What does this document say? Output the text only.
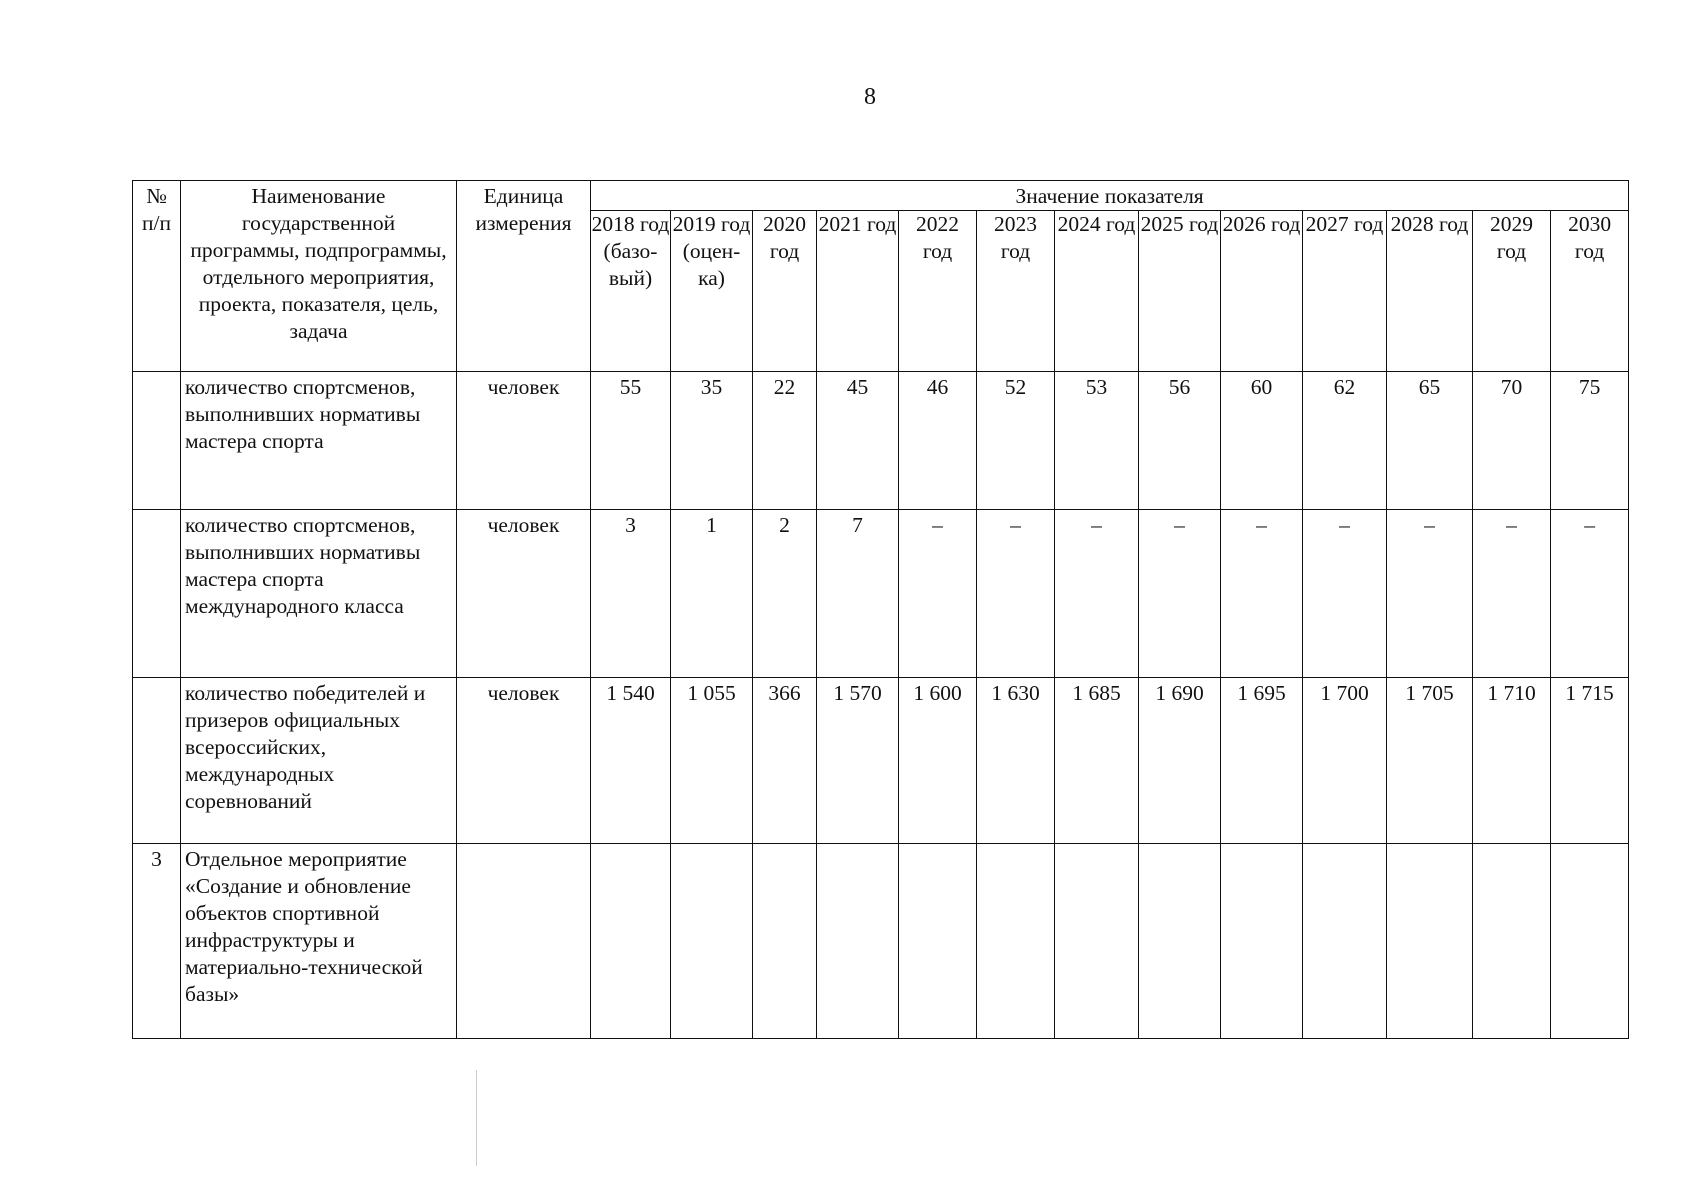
8
№ п/п	Наименование государственной программы, подпрограммы, отдельного мероприятия, проекта, показателя, цель, задача	Единица измерения	Значение показателя												
			2018 год (базо-вый)	2019 год (оцен-ка)	2020 год	2021 год	2022 год	2023 год	2024 год	2025 год	2026 год	2027 год	2028 год	2029 год	2030 год
	количество спортсменов, выполнивших нормативы мастера спорта	человек	55	35	22	45	46	52	53	56	60	62	65	70	75
	количество спортсменов, выполнивших нормативы мастера спорта международного класса	человек	3	1	2	7	–	–	–	–	–	–	–	–	–
	количество победителей и призеров официальных всероссийских, международных соревнований	человек	1 540	1 055	366	1 570	1 600	1 630	1 685	1 690	1 695	1 700	1 705	1 710	1 715
3	Отдельное мероприятие «Создание и обновление объектов спортивной инфраструктуры и материально-технической базы»														
